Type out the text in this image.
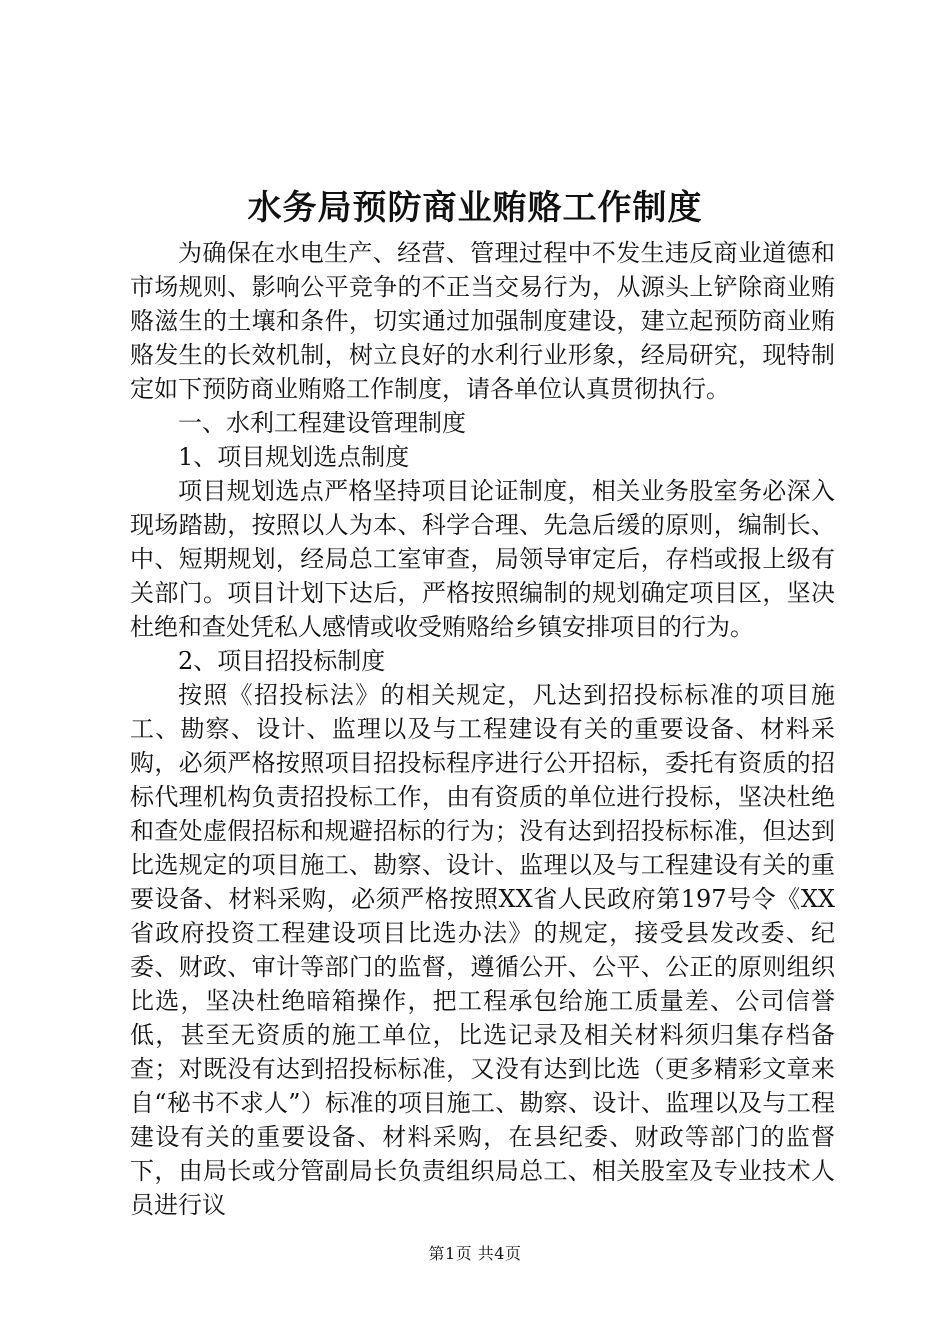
水务局预防商业贿赂工作制度

为确保在水电生产、经营、管理过程中不发生违反商业道德和市场规则、影响公平竞争的不正当交易行为，从源头上铲除商业贿赂滋生的土壤和条件，切实通过加强制度建设，建立起预防商业贿赂发生的长效机制，树立良好的水利行业形象，经局研究，现特制定如下预防商业贿赂工作制度，请各单位认真贯彻执行。

一、水利工程建设管理制度

1、项目规划选点制度

项目规划选点严格坚持项目论证制度，相关业务股室务必深入现场踏勘，按照以人为本、科学合理、先急后缓的原则，编制长、中、短期规划，经局总工室审查，局领导审定后，存档或报上级有关部门。项目计划下达后，严格按照编制的规划确定项目区，坚决杜绝和查处凭私人感情或收受贿赂给乡镇安排项目的行为。

2、项目招投标制度

按照《招投标法》的相关规定，凡达到招投标标准的项目施工、勘察、设计、监理以及与工程建设有关的重要设备、材料采购，必须严格按照项目招投标程序进行公开招标，委托有资质的招标代理机构负责招投标工作，由有资质的单位进行投标，坚决杜绝和查处虚假招标和规避招标的行为；没有达到招投标标准，但达到比选规定的项目施工、勘察、设计、监理以及与工程建设有关的重要设备、材料采购，必须严格按照XX省人民政府第197号令《XX省政府投资工程建设项目比选办法》的规定，接受县发改委、纪委、财政、审计等部门的监督，遵循公开、公平、公正的原则组织比选，坚决杜绝暗箱操作，把工程承包给施工质量差、公司信誉低，甚至无资质的施工单位，比选记录及相关材料须归集存档备查；对既没有达到招投标标准，又没有达到比选（更多精彩文章来自“秘书不求人”）标准的项目施工、勘察、设计、监理以及与工程建设有关的重要设备、材料采购，在县纪委、财政等部门的监督下，由局长或分管副局长负责组织局总工、相关股室及专业技术人员进行议

第1页 共4页
